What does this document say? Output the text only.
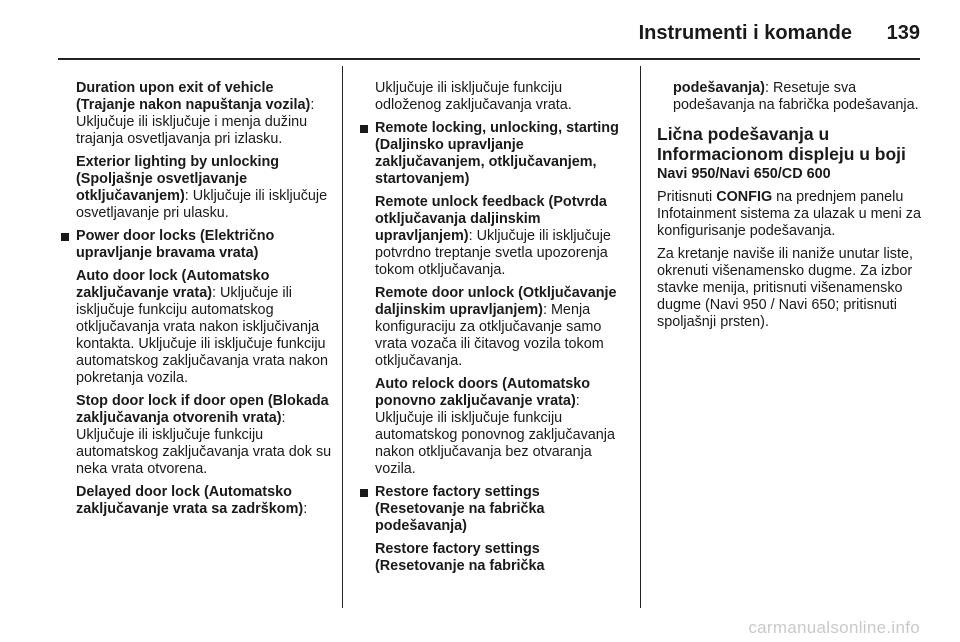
Instrumenti i komande 139

Duration upon exit of vehicle (Trajanje nakon napuštanja vozila): Uključuje ili isključuje i menja dužinu trajanja osvetljavanja pri izlasku.

Exterior lighting by unlocking (Spoljašnje osvetljavanje otključavanjem): Uključuje ili isključuje osvetljavanje pri ulasku.

Power door locks (Električno upravljanje bravama vrata)

Auto door lock (Automatsko zaključavanje vrata): Uključuje ili isključuje funkciju automatskog otključavanja vrata nakon isključivanja kontakta. Uključuje ili isključuje funkciju automatskog zaključavanja vrata nakon pokretanja vozila.

Stop door lock if door open (Blokada zaključavanja otvorenih vrata): Uključuje ili isključuje funkciju automatskog zaključavanja vrata dok su neka vrata otvorena.

Delayed door lock (Automatsko zaključavanje vrata sa zadrškom):

Uključuje ili isključuje funkciju odloženog zaključavanja vrata.

Remote locking, unlocking, starting (Daljinsko upravljanje zaključavanjem, otključavanjem, startovanjem)

Remote unlock feedback (Potvrda otključavanja daljinskim upravljanjem): Uključuje ili isključuje potvrdno treptanje svetla upozorenja tokom otključavanja.

Remote door unlock (Otključavanje daljinskim upravljanjem): Menja konfiguraciju za otključavanje samo vrata vozača ili čitavog vozila tokom otključavanja.

Auto relock doors (Automatsko ponovno zaključavanje vrata): Uključuje ili isključuje funkciju automatskog ponovnog zaključavanja nakon otključavanja bez otvaranja vozila.

Restore factory settings (Resetovanje na fabrička podešavanja)

Restore factory settings (Resetovanje na fabrička

podešavanja): Resetuje sva podešavanja na fabrička podešavanja.

Lična podešavanja u Informacionom displeju u boji
Navi 950/Navi 650/CD 600

Pritisnuti CONFIG na prednjem panelu Infotainment sistema za ulazak u meni za konfigurisanje podešavanja.

Za kretanje naviše ili naniže unutar liste, okrenuti višenamensko dugme. Za izbor stavke menija, pritisnuti višenamensko dugme (Navi 950 / Navi 650; pritisnuti spoljašnji prsten).

carmanualsonline.info
